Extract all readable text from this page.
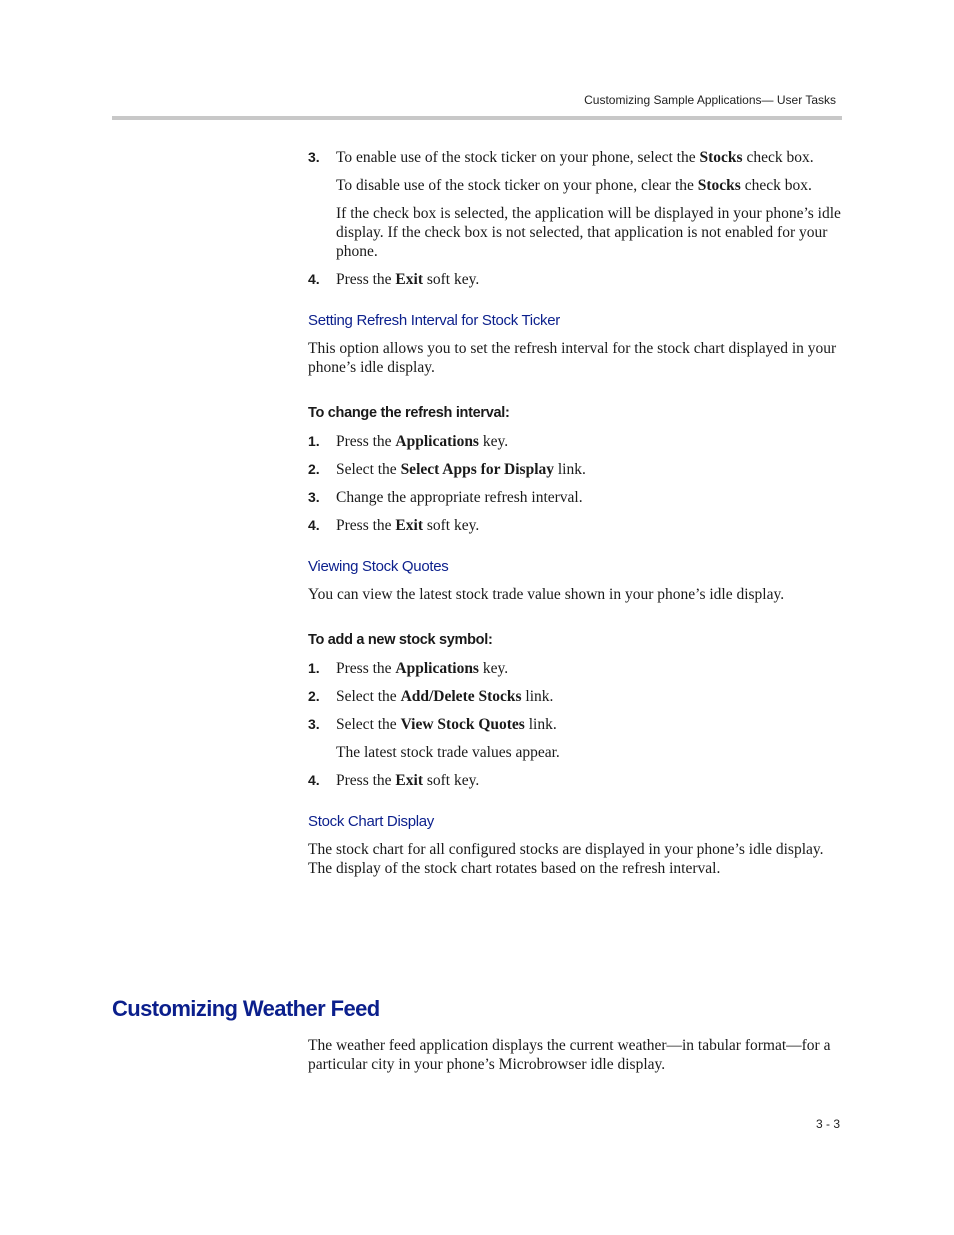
Customizing Sample Applications— User Tasks
3. To enable use of the stock ticker on your phone, select the Stocks check box.
To disable use of the stock ticker on your phone, clear the Stocks check box.
If the check box is selected, the application will be displayed in your phone’s idle display. If the check box is not selected, that application is not enabled for your phone.
4. Press the Exit soft key.
Setting Refresh Interval for Stock Ticker
This option allows you to set the refresh interval for the stock chart displayed in your phone’s idle display.
To change the refresh interval:
1. Press the Applications key.
2. Select the Select Apps for Display link.
3. Change the appropriate refresh interval.
4. Press the Exit soft key.
Viewing Stock Quotes
You can view the latest stock trade value shown in your phone’s idle display.
To add a new stock symbol:
1. Press the Applications key.
2. Select the Add/Delete Stocks link.
3. Select the View Stock Quotes link.
The latest stock trade values appear.
4. Press the Exit soft key.
Stock Chart Display
The stock chart for all configured stocks are displayed in your phone’s idle display. The display of the stock chart rotates based on the refresh interval.
Customizing Weather Feed

The weather feed application displays the current weather—in tabular format—for a particular city in your phone’s Microbrowser idle display.

3 - 3
